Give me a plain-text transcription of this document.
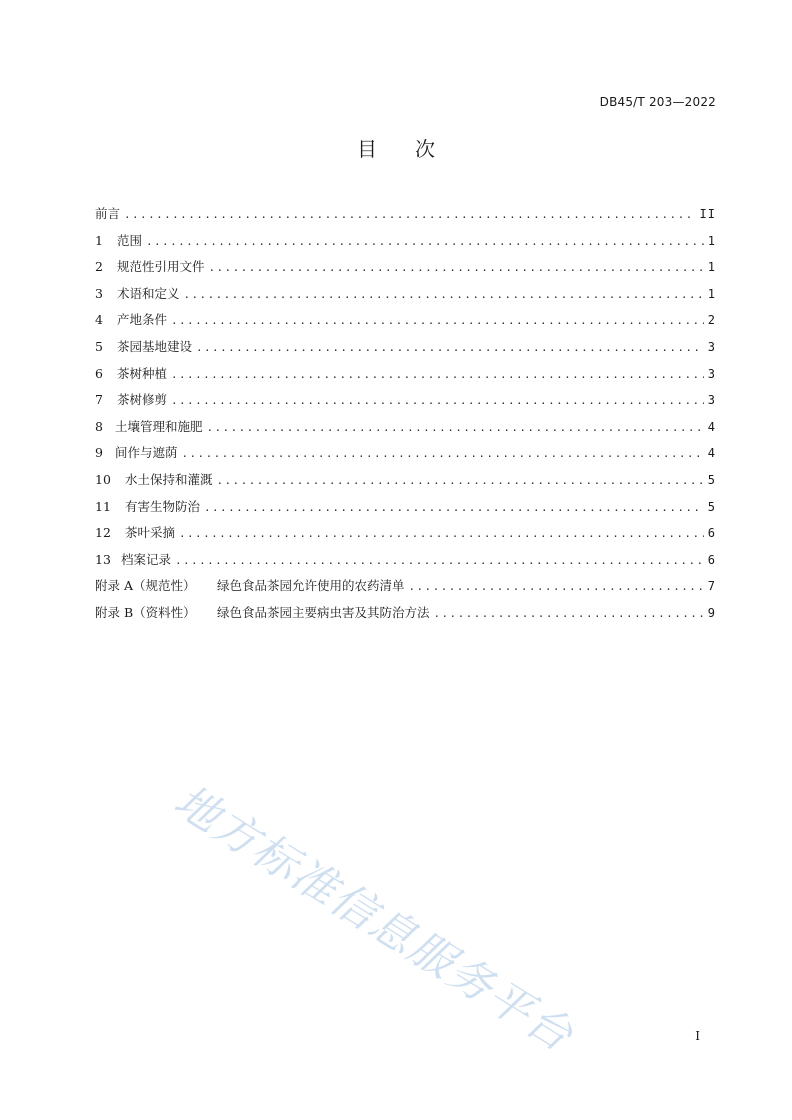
DB45/T 203—2022
目 次
前言 .....	II
1	范围 .....	1
2	规范性引用文件 .....	1
3	术语和定义 .....	1
4	产地条件 .....	2
5	茶园基地建设 .....	3
6	茶树种植 .....	3
7	茶树修剪 .....	3
8 土壤管理和施肥 .....	4
9 间作与遮荫 .....	4
10	水土保持和灌溉 .....	5
11	有害生物防治 .....	5
12	茶叶采摘 .....	6
13 档案记录 .....	6
附录 A（规范性）	绿色食品茶园允许使用的农药清单 .....	7
附录 B（资料性）	绿色食品茶园主要病虫害及其防治方法 .....	9
地方标准信息服务平台	I
